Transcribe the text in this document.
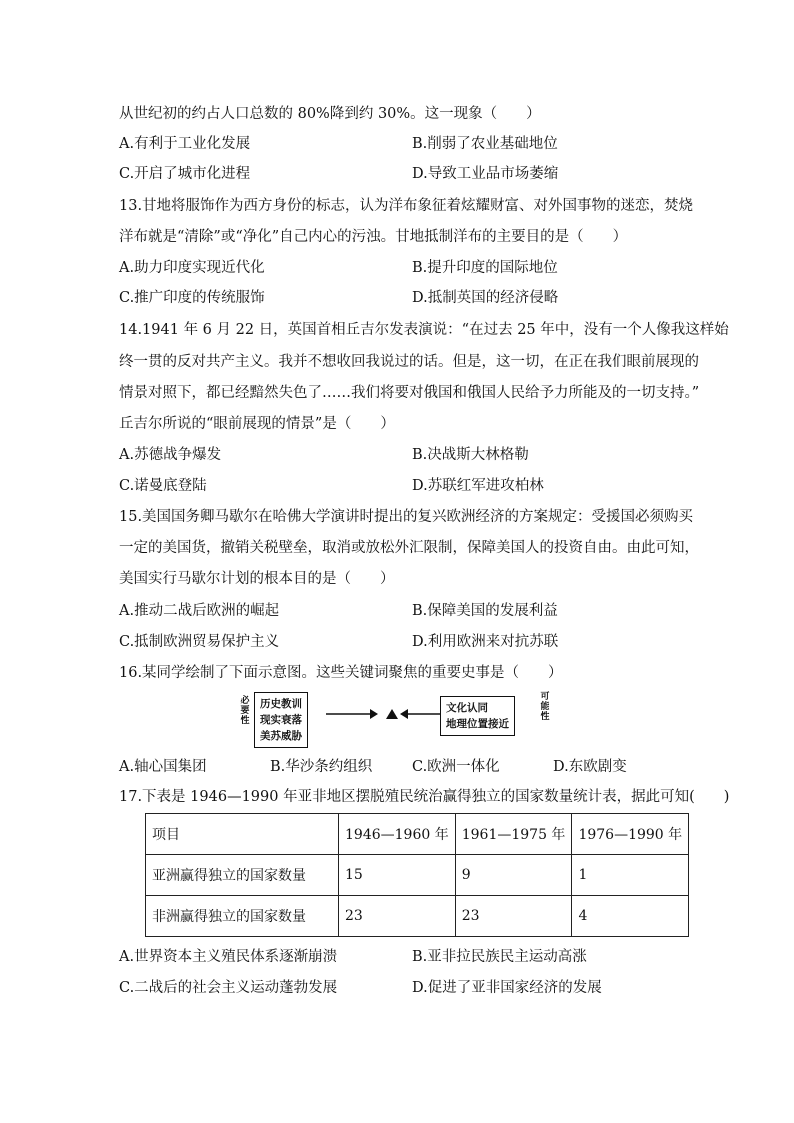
从世纪初的约占人口总数的 80%降到约 30%。这一现象（　　）
A.有利于工业化发展	B.削弱了农业基础地位
C.开启了城市化进程	D.导致工业品市场萎缩
13.甘地将服饰作为西方身份的标志，认为洋布象征着炫耀财富、对外国事物的迷恋，焚烧
洋布就是“清除”或“净化”自己内心的污浊。甘地抵制洋布的主要目的是（　　）
A.助力印度实现近代化	B.提升印度的国际地位
C.推广印度的传统服饰	D.抵制英国的经济侵略
14.1941 年 6 月 22 日，英国首相丘吉尔发表演说：“在过去 25 年中，没有一个人像我这样始
终一贯的反对共产主义。我并不想收回我说过的话。但是，这一切，在正在我们眼前展现的
情景对照下，都已经黯然失色了……我们将要对俄国和俄国人民给予力所能及的一切支持。”
丘吉尔所说的“眼前展现的情景”是（　　）
A.苏德战争爆发	B.决战斯大林格勒
C.诺曼底登陆	D.苏联红军进攻柏林
15.美国国务卿马歇尔在哈佛大学演讲时提出的复兴欧洲经济的方案规定：受援国必须购买
一定的美国货，撤销关税壁垒，取消或放松外汇限制，保障美国人的投资自由。由此可知，
美国实行马歇尔计划的根本目的是（　　）
A.推动二战后欧洲的崛起	B.保障美国的发展利益
C.抵制欧洲贸易保护主义	D.利用欧洲来对抗苏联
16.某同学绘制了下面示意图。这些关键词聚焦的重要史事是（　　）
必要性
历史教训
现实衰落
美苏威胁
文化认同
地理位置接近
可能性
A.轴心国集团	B.华沙条约组织	C.欧洲一体化	D.东欧剧变
17.下表是 1946—1990 年亚非地区摆脱殖民统治赢得独立的国家数量统计表，据此可知(　　)
项目	1946—1960 年	1961—1975 年	1976—1990 年
亚洲赢得独立的国家数量	15	9	1
非洲赢得独立的国家数量	23	23	4
A.世界资本主义殖民体系逐渐崩溃	B.亚非拉民族民主运动高涨
C.二战后的社会主义运动蓬勃发展	D.促进了亚非国家经济的发展
